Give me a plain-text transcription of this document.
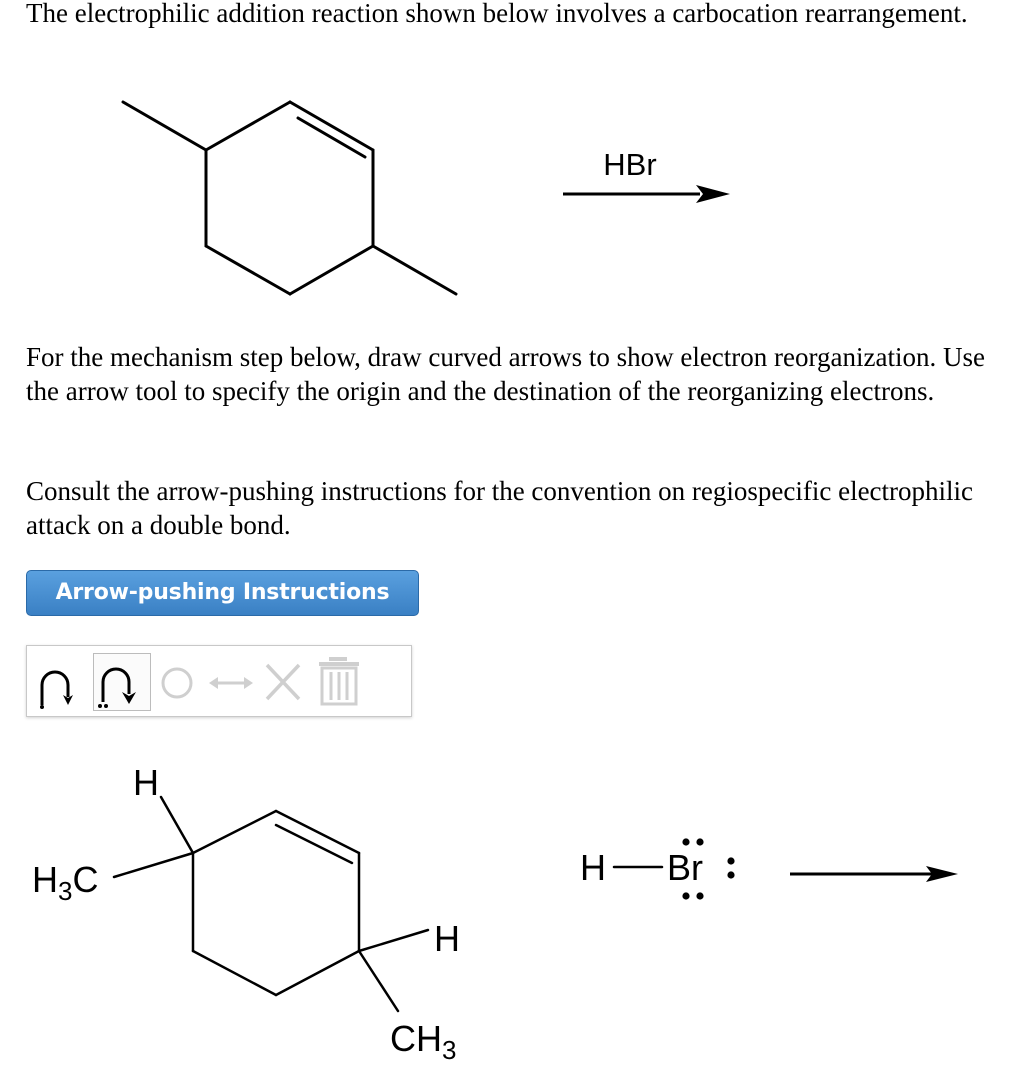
The electrophilic addition reaction shown below involves a carbocation rearrangement.

HBr

For the mechanism step below, draw curved arrows to show electron reorganization. Use the arrow tool to specify the origin and the destination of the reorganizing electrons.

Consult the arrow-pushing instructions for the convention on regiospecific electrophilic attack on a double bond.

Arrow-pushing Instructions
H
$H_3C$
H
$CH_3$
H Br
